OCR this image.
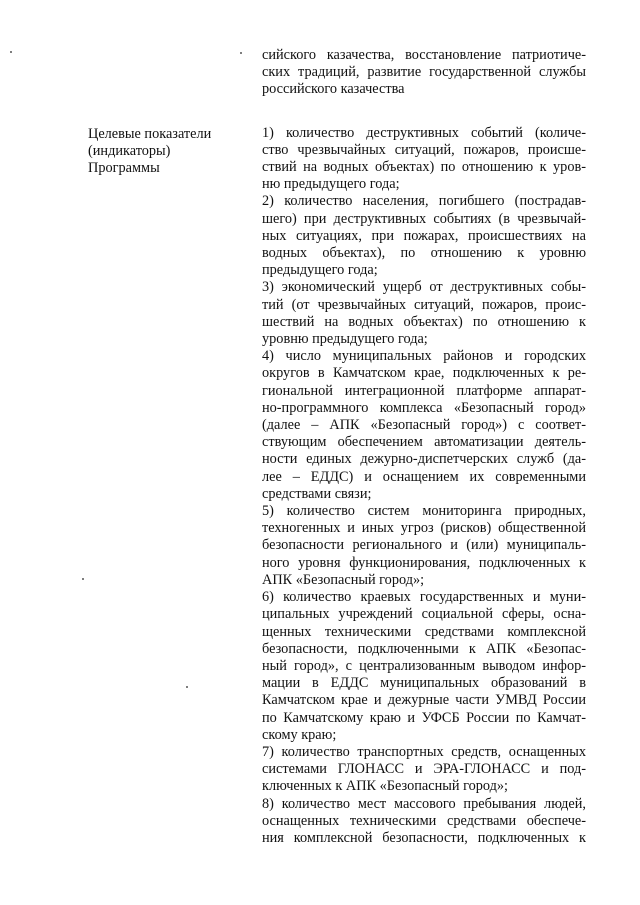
сийского казачества, восстановление патриотиче-
ских традиций, развитие государственной службы
российского казачества
1) количество деструктивных событий (количе-
ство чрезвычайных ситуаций, пожаров, происше-
ствий на водных объектах) по отношению к уров-
ню предыдущего года;
2) количество населения, погибшего (пострадав-
шего) при деструктивных событиях (в чрезвычай-
ных ситуациях, при пожарах, происшествиях на
водных объектах), по отношению к уровню
предыдущего года;
3) экономический ущерб от деструктивных собы-
тий (от чрезвычайных ситуаций, пожаров, проис-
шествий на водных объектах) по отношению к
уровню предыдущего года;
4) число муниципальных районов и городских
округов в Камчатском крае, подключенных к ре-
гиональной интеграционной платформе аппарат-
но-программного комплекса «Безопасный город»
(далее – АПК «Безопасный город») с соответ-
ствующим обеспечением автоматизации деятель-
ности единых дежурно-диспетчерских служб (да-
лее – ЕДДС) и оснащением их современными
средствами связи;
5) количество систем мониторинга природных,
техногенных и иных угроз (рисков) общественной
безопасности регионального и (или) муниципаль-
ного уровня функционирования, подключенных к
АПК «Безопасный город»;
6) количество краевых государственных и муни-
ципальных учреждений социальной сферы, осна-
щенных техническими средствами комплексной
безопасности, подключенными к АПК «Безопас-
ный город», с централизованным выводом инфор-
мации в ЕДДС муниципальных образований в
Камчатском крае и дежурные части УМВД России
по Камчатскому краю и УФСБ России по Камчат-
скому краю;
7) количество транспортных средств, оснащенных
системами ГЛОНАСС и ЭРА-ГЛОНАСС и под-
ключенных к АПК «Безопасный город»;
8) количество мест массового пребывания людей,
оснащенных техническими средствами обеспече-
ния комплексной безопасности, подключенных к
Целевые показатели
(индикаторы)
Программы
